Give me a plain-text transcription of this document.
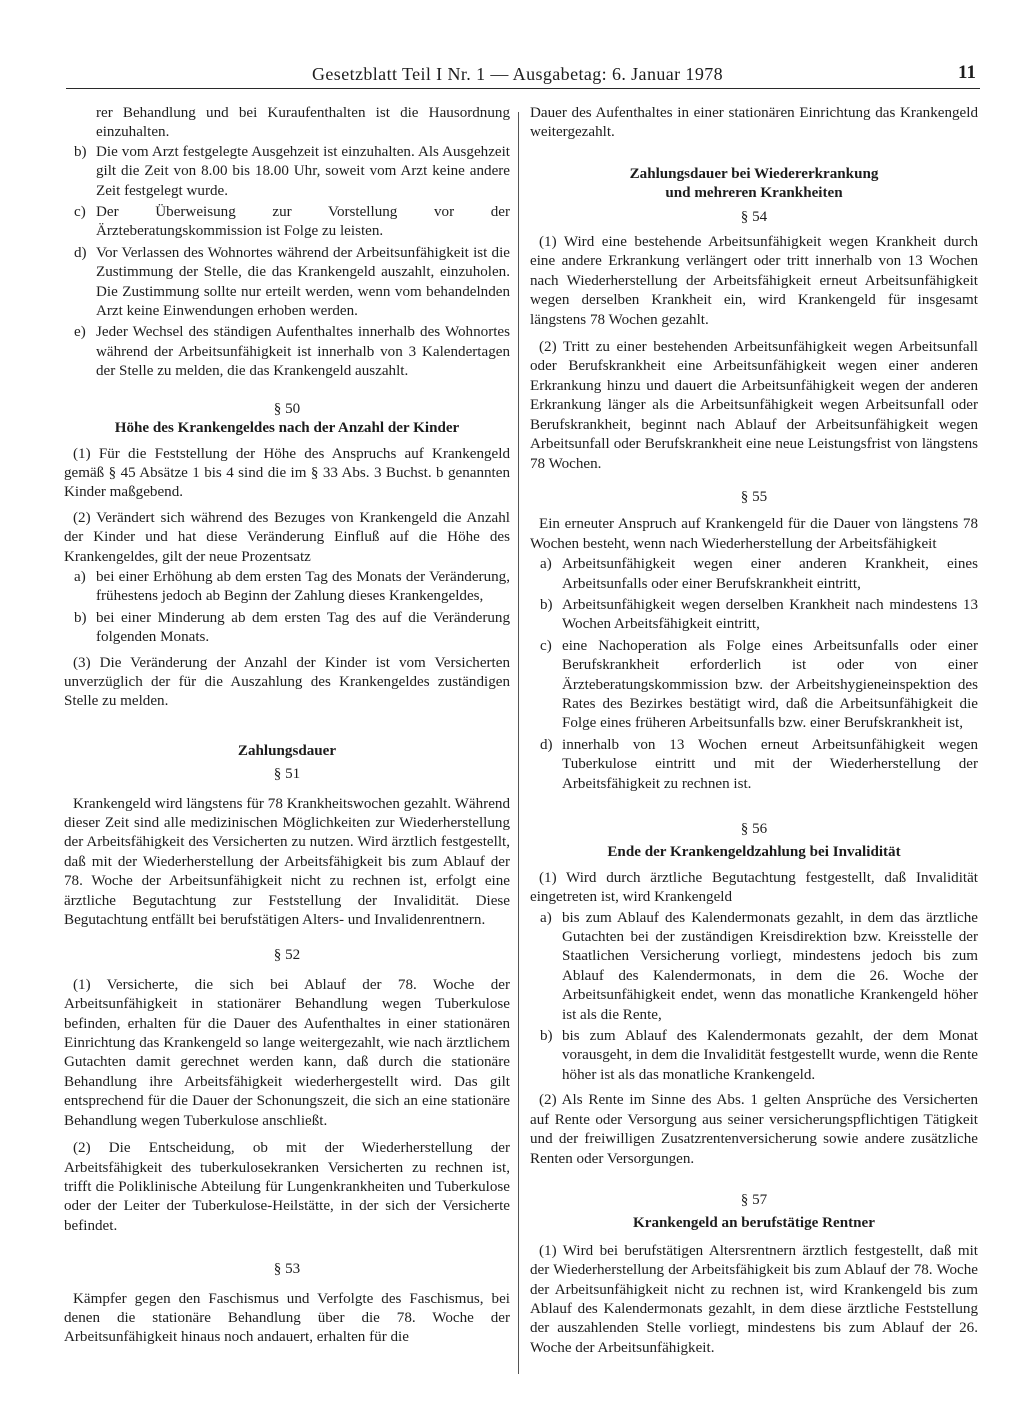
Gesetzblatt Teil I Nr. 1 — Ausgabetag: 6. Januar 1978	11

rer Behandlung und bei Kuraufenthalten ist die Hausordnung einzuhalten.

b) Die vom Arzt festgelegte Ausgehzeit ist einzuhalten. Als Ausgehzeit gilt die Zeit von 8.00 bis 18.00 Uhr, soweit vom Arzt keine andere Zeit festgelegt wurde.
c) Der Überweisung zur Vorstellung vor der Ärzteberatungskommission ist Folge zu leisten.
d) Vor Verlassen des Wohnortes während der Arbeitsunfähigkeit ist die Zustimmung der Stelle, die das Krankengeld auszahlt, einzuholen. Die Zustimmung sollte nur erteilt werden, wenn vom behandelnden Arzt keine Einwendungen erhoben werden.
e) Jeder Wechsel des ständigen Aufenthaltes innerhalb des Wohnortes während der Arbeitsunfähigkeit ist innerhalb von 3 Kalendertagen der Stelle zu melden, die das Krankengeld auszahlt.

§ 50

Höhe des Krankengeldes nach der Anzahl der Kinder

(1) Für die Feststellung der Höhe des Anspruchs auf Krankengeld gemäß § 45 Absätze 1 bis 4 sind die im § 33 Abs. 3 Buchst. b genannten Kinder maßgebend.

(2) Verändert sich während des Bezuges von Krankengeld die Anzahl der Kinder und hat diese Veränderung Einfluß auf die Höhe des Krankengeldes, gilt der neue Prozentsatz

a) bei einer Erhöhung ab dem ersten Tag des Monats der Veränderung, frühestens jedoch ab Beginn der Zahlung dieses Krankengeldes,
b) bei einer Minderung ab dem ersten Tag des auf die Veränderung folgenden Monats.

(3) Die Veränderung der Anzahl der Kinder ist vom Versicherten unverzüglich der für die Auszahlung des Krankengeldes zuständigen Stelle zu melden.

Zahlungsdauer

§ 51

Krankengeld wird längstens für 78 Krankheitswochen gezahlt. Während dieser Zeit sind alle medizinischen Möglichkeiten zur Wiederherstellung der Arbeitsfähigkeit des Versicherten zu nutzen. Wird ärztlich festgestellt, daß mit der Wiederherstellung der Arbeitsfähigkeit bis zum Ablauf der 78. Woche der Arbeitsunfähigkeit nicht zu rechnen ist, erfolgt eine ärztliche Begutachtung zur Feststellung der Invalidität. Diese Begutachtung entfällt bei berufstätigen Alters- und Invalidenrentnern.

§ 52

(1) Versicherte, die sich bei Ablauf der 78. Woche der Arbeitsunfähigkeit in stationärer Behandlung wegen Tuberkulose befinden, erhalten für die Dauer des Aufenthaltes in einer stationären Einrichtung das Krankengeld so lange weitergezahlt, wie nach ärztlichem Gutachten damit gerechnet werden kann, daß durch die stationäre Behandlung ihre Arbeitsfähigkeit wiederhergestellt wird. Das gilt entsprechend für die Dauer der Schonungszeit, die sich an eine stationäre Behandlung wegen Tuberkulose anschließt.

(2) Die Entscheidung, ob mit der Wiederherstellung der Arbeitsfähigkeit des tuberkulosekranken Versicherten zu rechnen ist, trifft die Poliklinische Abteilung für Lungenkrankheiten und Tuberkulose oder der Leiter der Tuberkulose-Heilstätte, in der sich der Versicherte befindet.

§ 53

Kämpfer gegen den Faschismus und Verfolgte des Faschismus, bei denen die stationäre Behandlung über die 78. Woche der Arbeitsunfähigkeit hinaus noch andauert, erhalten für die

Dauer des Aufenthaltes in einer stationären Einrichtung das Krankengeld weitergezahlt.

Zahlungsdauer bei Wiedererkrankung und mehreren Krankheiten

§ 54

(1) Wird eine bestehende Arbeitsunfähigkeit wegen Krankheit durch eine andere Erkrankung verlängert oder tritt innerhalb von 13 Wochen nach Wiederherstellung der Arbeitsfähigkeit erneut Arbeitsunfähigkeit wegen derselben Krankheit ein, wird Krankengeld für insgesamt längstens 78 Wochen gezahlt.

(2) Tritt zu einer bestehenden Arbeitsunfähigkeit wegen Arbeitsunfall oder Berufskrankheit eine Arbeitsunfähigkeit wegen einer anderen Erkrankung hinzu und dauert die Arbeitsunfähigkeit wegen der anderen Erkrankung länger als die Arbeitsunfähigkeit wegen Arbeitsunfall oder Berufskrankheit, beginnt nach Ablauf der Arbeitsunfähigkeit wegen Arbeitsunfall oder Berufskrankheit eine neue Leistungsfrist von längstens 78 Wochen.

§ 55

Ein erneuter Anspruch auf Krankengeld für die Dauer von längstens 78 Wochen besteht, wenn nach Wiederherstellung der Arbeitsfähigkeit

a) Arbeitsunfähigkeit wegen einer anderen Krankheit, eines Arbeitsunfalls oder einer Berufskrankheit eintritt,
b) Arbeitsunfähigkeit wegen derselben Krankheit nach mindestens 13 Wochen Arbeitsfähigkeit eintritt,
c) eine Nachoperation als Folge eines Arbeitsunfalls oder einer Berufskrankheit erforderlich ist oder von einer Ärzteberatungskommission bzw. der Arbeitshygieneinspektion des Rates des Bezirkes bestätigt wird, daß die Arbeitsunfähigkeit die Folge eines früheren Arbeitsunfalls bzw. einer Berufskrankheit ist,
d) innerhalb von 13 Wochen erneut Arbeitsunfähigkeit wegen Tuberkulose eintritt und mit der Wiederherstellung der Arbeitsfähigkeit zu rechnen ist.

§ 56

Ende der Krankengeldzahlung bei Invalidität

(1) Wird durch ärztliche Begutachtung festgestellt, daß Invalidität eingetreten ist, wird Krankengeld

a) bis zum Ablauf des Kalendermonats gezahlt, in dem das ärztliche Gutachten bei der zuständigen Kreisdirektion bzw. Kreisstelle der Staatlichen Versicherung vorliegt, mindestens jedoch bis zum Ablauf des Kalendermonats, in dem die 26. Woche der Arbeitsunfähigkeit endet, wenn das monatliche Krankengeld höher ist als die Rente,
b) bis zum Ablauf des Kalendermonats gezahlt, der dem Monat vorausgeht, in dem die Invalidität festgestellt wurde, wenn die Rente höher ist als das monatliche Krankengeld.

(2) Als Rente im Sinne des Abs. 1 gelten Ansprüche des Versicherten auf Rente oder Versorgung aus seiner versicherungspflichtigen Tätigkeit und der freiwilligen Zusatzrentenversicherung sowie andere zusätzliche Renten oder Versorgungen.

§ 57

Krankengeld an berufstätige Rentner

(1) Wird bei berufstätigen Altersrentnern ärztlich festgestellt, daß mit der Wiederherstellung der Arbeitsfähigkeit bis zum Ablauf der 78. Woche der Arbeitsunfähigkeit nicht zu rechnen ist, wird Krankengeld bis zum Ablauf des Kalendermonats gezahlt, in dem diese ärztliche Feststellung der auszahlenden Stelle vorliegt, mindestens bis zum Ablauf der 26. Woche der Arbeitsunfähigkeit.
